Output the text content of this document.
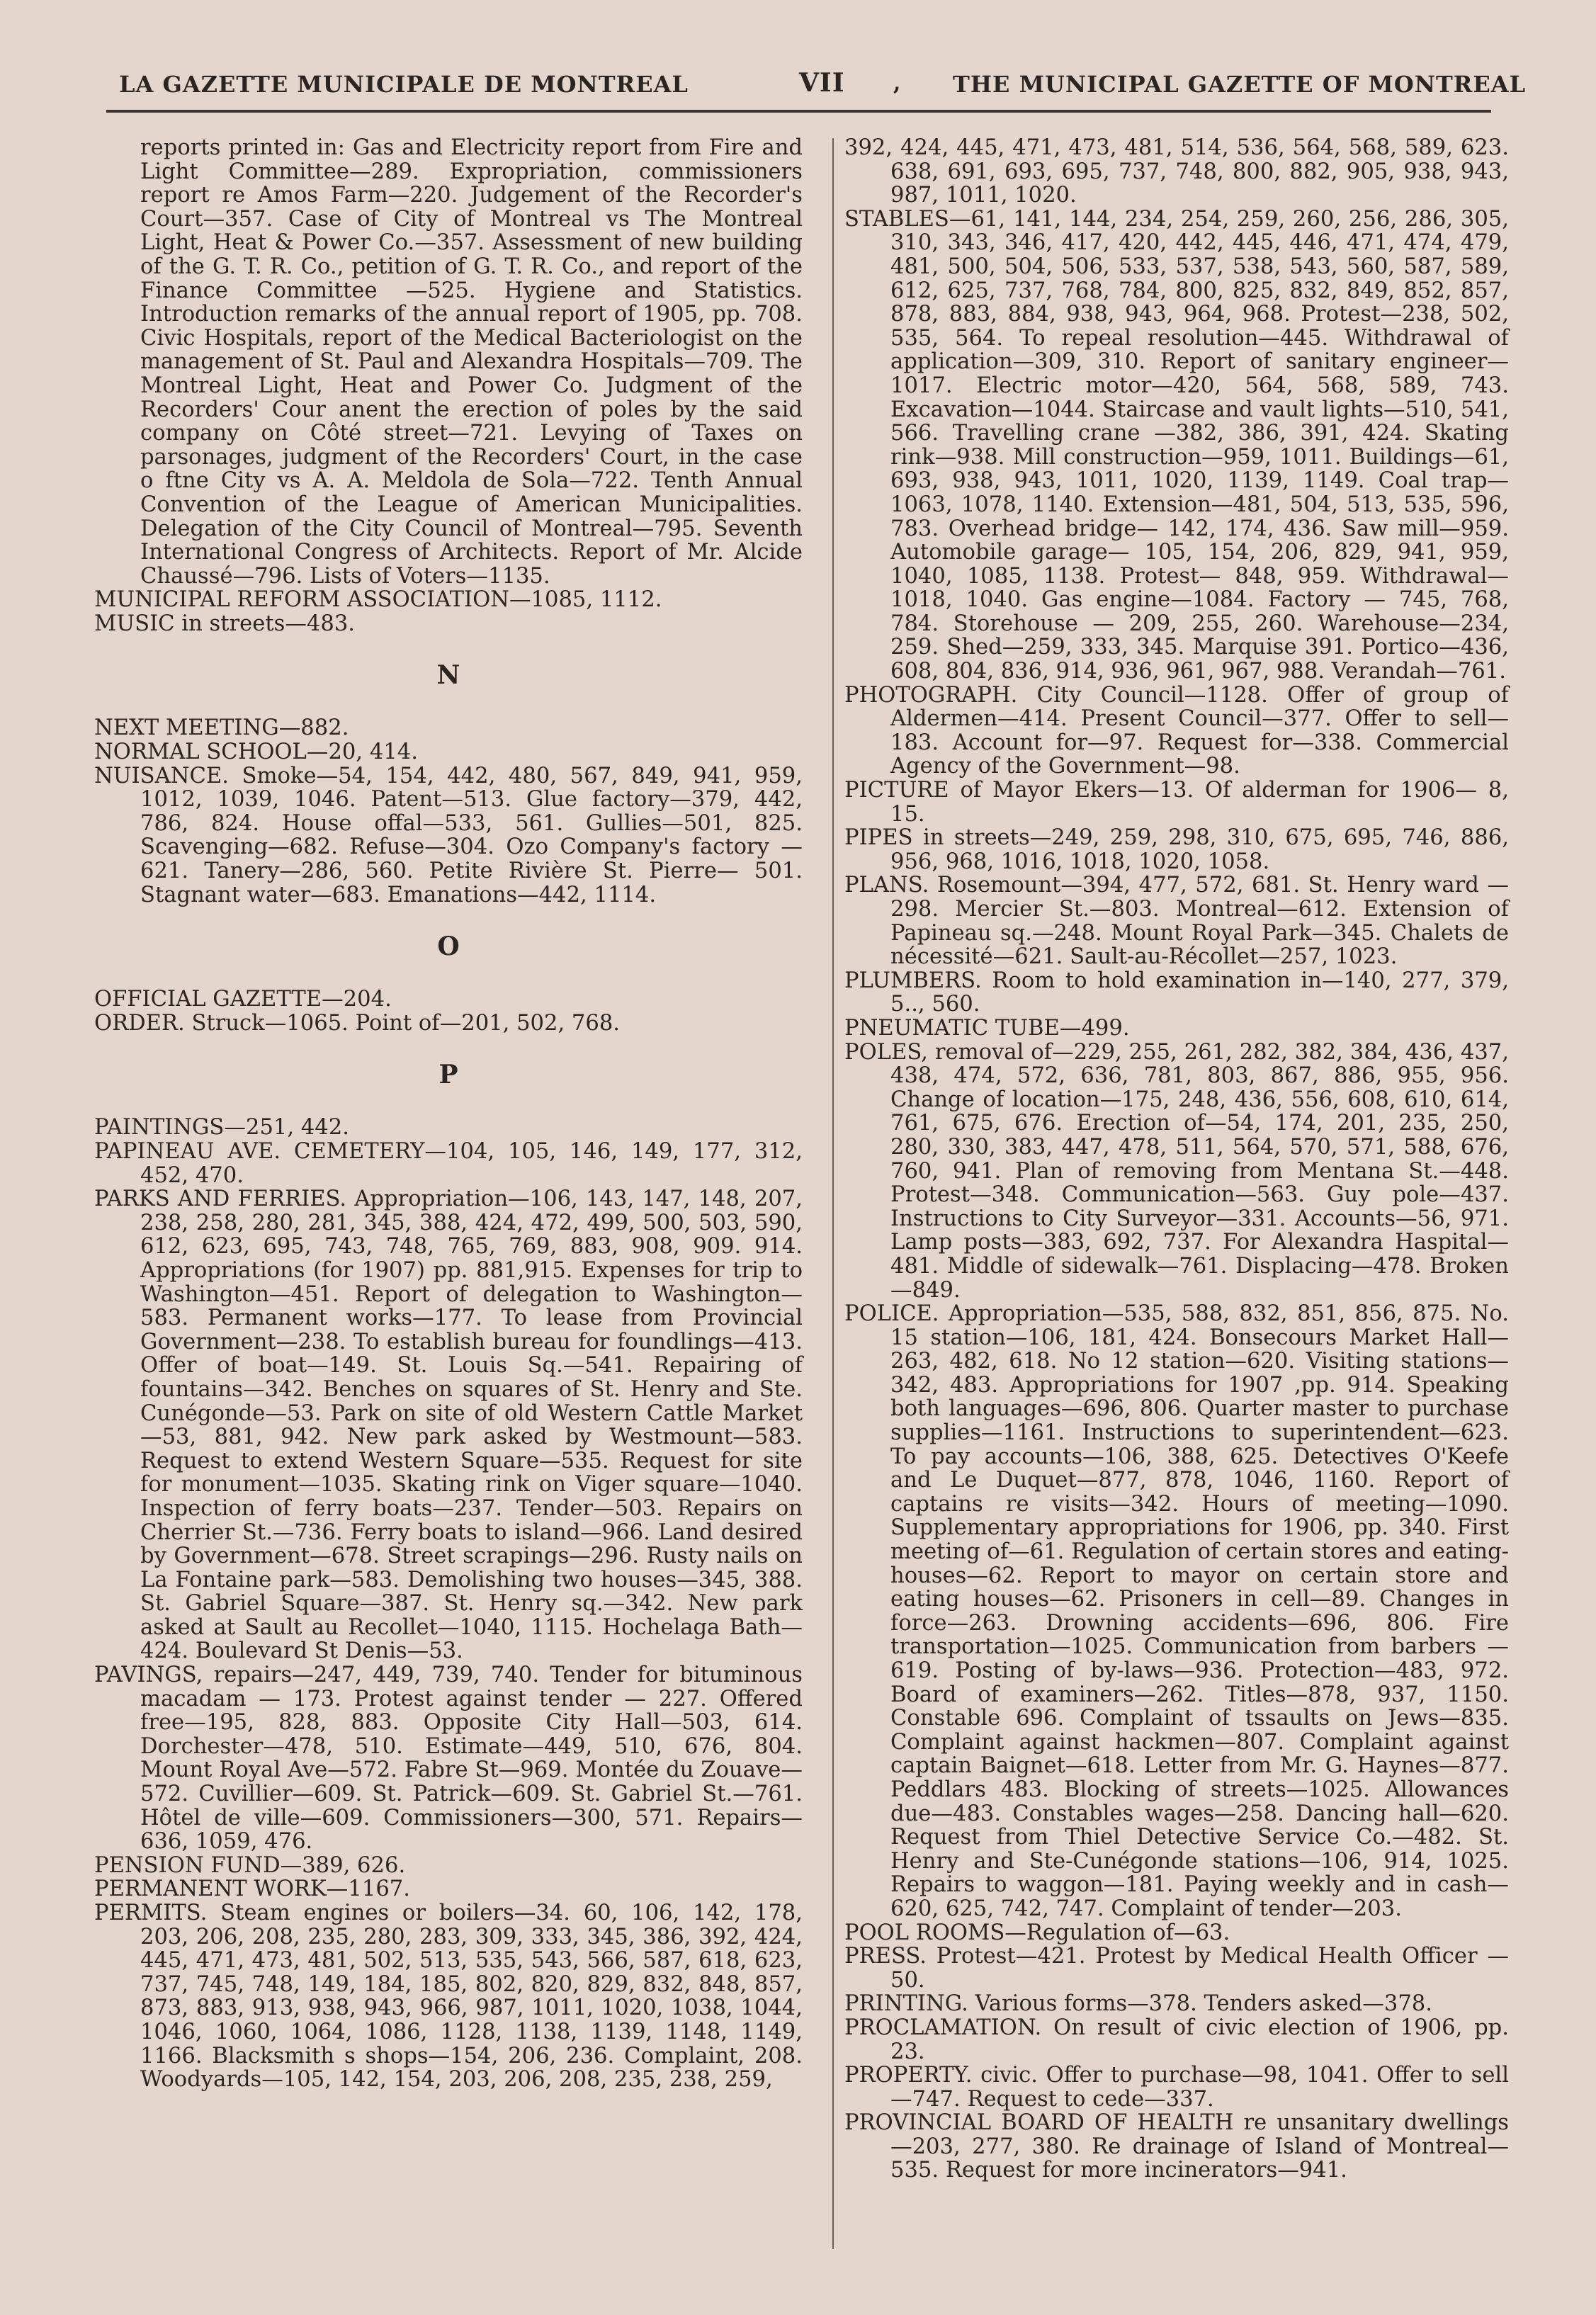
LA GAZETTE MUNICIPALE DE MONTREAL	VII , THE MUNICIPAL GAZETTE OF MONTREAL
reports printed in: Gas and Electricity report from Fire and Light Committee—289. Expropriation, commissioners report re Amos Farm—220. Judgement of the Recorder's Court—357. Case of City of Montreal vs The Montreal Light, Heat & Power Co.—357. Assessment of new building of the G. T. R. Co., petition of G. T. R. Co., and report of the Finance Committee —525. Hygiene and Statistics. Introduction remarks of the annual report of 1905, pp. 708. Civic Hospitals, report of the Medical Bacteriologist on the management of St. Paul and Alexandra Hospitals—709. The Montreal Light, Heat and Power Co. Judgment of the Recorders' Cour anent the erection of poles by the said company on Côté street—721. Levying of Taxes on parsonages, judgment of the Recorders' Court, in the case o ftne City vs A. A. Meldola de Sola—722. Tenth Annual Convention of the League of American Municipalities. Delegation of the City Council of Montreal—795. Seventh International Congress of Architects. Report of Mr. Alcide Chaussé—796. Lists of Voters—1135.
MUNICIPAL REFORM ASSOCIATION—1085, 1112.
MUSIC in streets—483.
N
NEXT MEETING—882.
NORMAL SCHOOL—20, 414.
NUISANCE. Smoke—54, 154, 442, 480, 567, 849, 941, 959, 1012, 1039, 1046. Patent—513. Glue factory—379, 442, 786, 824. House offal—533, 561. Gullies—501, 825. Scavenging—682. Refuse—304. Ozo Company's factory —621. Tanery—286, 560. Petite Rivière St. Pierre— 501. Stagnant water—683. Emanations—442, 1114.
O
OFFICIAL GAZETTE—204.
ORDER. Struck—1065. Point of—201, 502, 768.
P
PAINTINGS—251, 442.
PAPINEAU AVE. CEMETERY—104, 105, 146, 149, 177, 312, 452, 470.
PARKS AND FERRIES. Appropriation—106, 143, 147, 148, 207, 238, 258, 280, 281, 345, 388, 424, 472, 499, 500, 503, 590, 612, 623, 695, 743, 748, 765, 769, 883, 908, 909. 914. Appropriations (for 1907) pp. 881,915. Expenses for trip to Washington—451. Report of delegation to Washington—583. Permanent works—177. To lease from Provincial Government—238. To establish bureau for foundlings—413. Offer of boat—149. St. Louis Sq.—541. Repairing of fountains—342. Benches on squares of St. Henry and Ste. Cunégonde—53. Park on site of old Western Cattle Market—53, 881, 942. New park asked by Westmount—583. Request to extend Western Square—535. Request for site for monument—1035. Skating rink on Viger square—1040. Inspection of ferry boats—237. Tender—503. Repairs on Cherrier St.—736. Ferry boats to island—966. Land desired by Government—678. Street scrapings—296. Rusty nails on La Fontaine park—583. Demolishing two houses—345, 388. St. Gabriel Square—387. St. Henry sq.—342. New park asked at Sault au Recollet—1040, 1115. Hochelaga Bath—424. Boulevard St Denis—53.
PAVINGS, repairs—247, 449, 739, 740. Tender for bituminous macadam — 173. Protest against tender — 227. Offered free—195, 828, 883. Opposite City Hall—503, 614. Dorchester—478, 510. Estimate—449, 510, 676, 804. Mount Royal Ave—572. Fabre St—969. Montée du Zouave—572. Cuvillier—609. St. Patrick—609. St. Gabriel St.—761. Hôtel de ville—609. Commissioners—300, 571. Repairs—636, 1059, 476.
PENSION FUND—389, 626.
PERMANENT WORK—1167.
PERMITS. Steam engines or boilers—34. 60, 106, 142, 178, 203, 206, 208, 235, 280, 283, 309, 333, 345, 386, 392, 424, 445, 471, 473, 481, 502, 513, 535, 543, 566, 587, 618, 623, 737, 745, 748, 149, 184, 185, 802, 820, 829, 832, 848, 857, 873, 883, 913, 938, 943, 966, 987, 1011, 1020, 1038, 1044, 1046, 1060, 1064, 1086, 1128, 1138, 1139, 1148, 1149, 1166. Blacksmith s shops—154, 206, 236. Complaint, 208. Woodyards—105, 142, 154, 203, 206, 208, 235, 238, 259,
392, 424, 445, 471, 473, 481, 514, 536, 564, 568, 589, 623. 638, 691, 693, 695, 737, 748, 800, 882, 905, 938, 943, 987, 1011, 1020.
STABLES—61, 141, 144, 234, 254, 259, 260, 256, 286, 305, 310, 343, 346, 417, 420, 442, 445, 446, 471, 474, 479, 481, 500, 504, 506, 533, 537, 538, 543, 560, 587, 589, 612, 625, 737, 768, 784, 800, 825, 832, 849, 852, 857, 878, 883, 884, 938, 943, 964, 968. Protest—238, 502, 535, 564. To repeal resolution—445. Withdrawal of application—309, 310. Report of sanitary engineer—1017. Electric motor—420, 564, 568, 589, 743. Excavation—1044. Staircase and vault lights—510, 541, 566. Travelling crane —382, 386, 391, 424. Skating rink—938. Mill construction—959, 1011. Buildings—61, 693, 938, 943, 1011, 1020, 1139, 1149. Coal trap—1063, 1078, 1140. Extension—481, 504, 513, 535, 596, 783. Overhead bridge— 142, 174, 436. Saw mill—959. Automobile garage— 105, 154, 206, 829, 941, 959, 1040, 1085, 1138. Protest— 848, 959. Withdrawal—1018, 1040. Gas engine—1084. Factory — 745, 768, 784. Storehouse — 209, 255, 260. Warehouse—234, 259. Shed—259, 333, 345. Marquise 391. Portico—436, 608, 804, 836, 914, 936, 961, 967, 988. Verandah—761.
PHOTOGRAPH. City Council—1128. Offer of group of Aldermen—414. Present Council—377. Offer to sell— 183. Account for—97. Request for—338. Commercial Agency of the Government—98.
PICTURE of Mayor Ekers—13. Of alderman for 1906— 8, 15.
PIPES in streets—249, 259, 298, 310, 675, 695, 746, 886, 956, 968, 1016, 1018, 1020, 1058.
PLANS. Rosemount—394, 477, 572, 681. St. Henry ward —298. Mercier St.—803. Montreal—612. Extension of Papineau sq.—248. Mount Royal Park—345. Chalets de nécessité—621. Sault-au-Récollet—257, 1023.
PLUMBERS. Room to hold examination in—140, 277, 379, 5.., 560.
PNEUMATIC TUBE—499.
POLES, removal of—229, 255, 261, 282, 382, 384, 436, 437, 438, 474, 572, 636, 781, 803, 867, 886, 955, 956. Change of location—175, 248, 436, 556, 608, 610, 614, 761, 675, 676. Erection of—54, 174, 201, 235, 250, 280, 330, 383, 447, 478, 511, 564, 570, 571, 588, 676, 760, 941. Plan of removing from Mentana St.—448. Protest—348. Communication—563. Guy pole—437. Instructions to City Surveyor—331. Accounts—56, 971. Lamp posts—383, 692, 737. For Alexandra Haspital—481. Middle of sidewalk—761. Displacing—478. Broken—849.
POLICE. Appropriation—535, 588, 832, 851, 856, 875. No. 15 station—106, 181, 424. Bonsecours Market Hall— 263, 482, 618. No 12 station—620. Visiting stations— 342, 483. Appropriations for 1907 ,pp. 914. Speaking both languages—696, 806. Quarter master to purchase supplies—1161. Instructions to superintendent—623. To pay accounts—106, 388, 625. Detectives O'Keefe and Le Duquet—877, 878, 1046, 1160. Report of captains re visits—342. Hours of meeting—1090. Supplementary appropriations for 1906, pp. 340. First meeting of—61. Regulation of certain stores and eating-houses—62. Report to mayor on certain store and eating houses—62. Prisoners in cell—89. Changes in force—263. Drowning accidents—696, 806. Fire transportation—1025. Communication from barbers — 619. Posting of by-laws—936. Protection—483, 972. Board of examiners—262. Titles—878, 937, 1150. Constable 696. Complaint of tssaults on Jews—835. Complaint against hackmen—807. Complaint against captain Baignet—618. Letter from Mr. G. Haynes—877. Peddlars 483. Blocking of streets—1025. Allowances due—483. Constables wages—258. Dancing hall—620. Request from Thiel Detective Service Co.—482. St. Henry and Ste-Cunégonde stations—106, 914, 1025. Repairs to waggon—181. Paying weekly and in cash—620, 625, 742, 747. Complaint of tender—203.
POOL ROOMS—Regulation of—63.
PRESS. Protest—421. Protest by Medical Health Officer —50.
PRINTING. Various forms—378. Tenders asked—378.
PROCLAMATION. On result of civic election of 1906, pp. 23.
PROPERTY. civic. Offer to purchase—98, 1041. Offer to sell—747. Request to cede—337.
PROVINCIAL BOARD OF HEALTH re unsanitary dwellings—203, 277, 380. Re drainage of Island of Montreal—535. Request for more incinerators—941.
